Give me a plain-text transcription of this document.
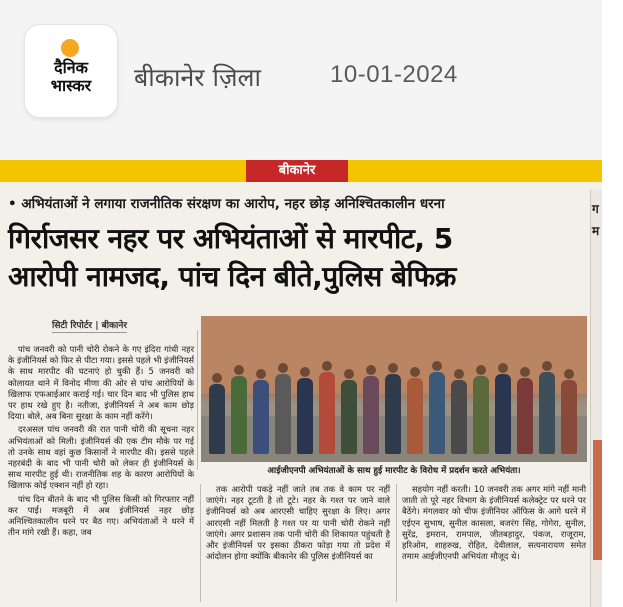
दैनिक
भास्कर	बीकानेर ज़िला	10-01-2024
बीकानेर
ग
म
• अभियंताओं ने लगाया राजनीतिक संरक्षण का आरोप, नहर छोड़ अनिश्चितकालीन धरना
गिर्राजसर नहर पर अभियंताओं से मारपीट, 5
आरोपी नामजद, पांच दिन बीते,पुलिस बेफिक्र
सिटी रिपोर्टर | बीकानेर

पांच जनवरी को पानी चोरी रोकने के गए इंदिरा गांधी नहर के इंजीनियर्स को फिर से पीटा गया। इससे पहले भी इंजीनियर्स के साथ मारपीट की घटनाएं हो चुकी हैं। 5 जनवरी को कोलायत थाने में विनोद मीणा की ओर से पांच आरोपियों के खिलाफ एफआईआर कराई गई। चार दिन बाद भी पुलिस हाथ पर हाथ रखे हुए है। नतीजा, इंजीनियर्स ने अब काम छोड़ दिया। बोले, अब बिना सुरक्षा के काम नहीं करेंगे।

दरअसल पांच जनवरी की रात पानी चोरी की सूचना नहर अभियंताओं को मिली। इंजीनियर्स की एक टीम मौके पर गई तो उनके साथ वहां कुछ किसानों ने मारपीट की। इससे पहले नहरबंदी के बाद भी पानी चोरी को लेकर ही इंजीनियर्स के साथ मारपीट हुई थी। राजनीतिक शह के कारण आरोपियों के खिलाफ कोई एक्शन नहीं हो रहा।

पांच दिन बीतने के बाद भी पुलिस किसी को गिरफ्तार नहीं कर पाई। मजबूरी में अब इंजीनियर्स नहर छोड़ अनिश्चितकालीन धरने पर बैठ गए। अभियंताओं ने धरने में तीन मांगे रखी हैं। कहा, जब

आईजीएनपी अभियंताओं के साथ हुई मारपीट के विरोध में प्रदर्शन करते अभियंता।

तक आरोपी पकड़े नहीं जाते तब तक वे काम पर नहीं जाएंगे। नहर टूटती है तो टूटे। नहर के गश्त पर जाने वाले इंजीनियर्स को अब आरएसी चाहिए सुरक्षा के लिए। अगर आरएसी नहीं मिलती है गश्त पर या पानी चोरी रोकने नहीं जाएंगे। अगर प्रशासन तक पानी चोरी की शिकायत पहुंचती है और इंजीनियर्स पर इसका ठीकरा फोड़ा गया तो प्रदेश में आंदोलन होगा क्योंकि बीकानेर की पुलिस इंजीनियर्स का

सहयोग नहीं करती। 10 जनवरी तक अगर मांगे नहीं मानी जाती तो पूरे नहर विभाग के इंजीनियर्स कलेक्ट्रेट पर धरने पर बैठेंगे। मंगलवार को चीफ इंजीनियर ऑफिस के आगे धरने में एईएन सुभाष, सुनील कासला, बजरंग सिंह, गोगेरा, सुनील, सुरेंद्र, इमरान, रामपाल, जीतबहादुर, पंकज, राजूराम, हरिओम, शाहरुख, रोहित, देवीलाल, सत्यनारायण समेत तमाम आईजीएनपी अभियंता मौजूद थे।
